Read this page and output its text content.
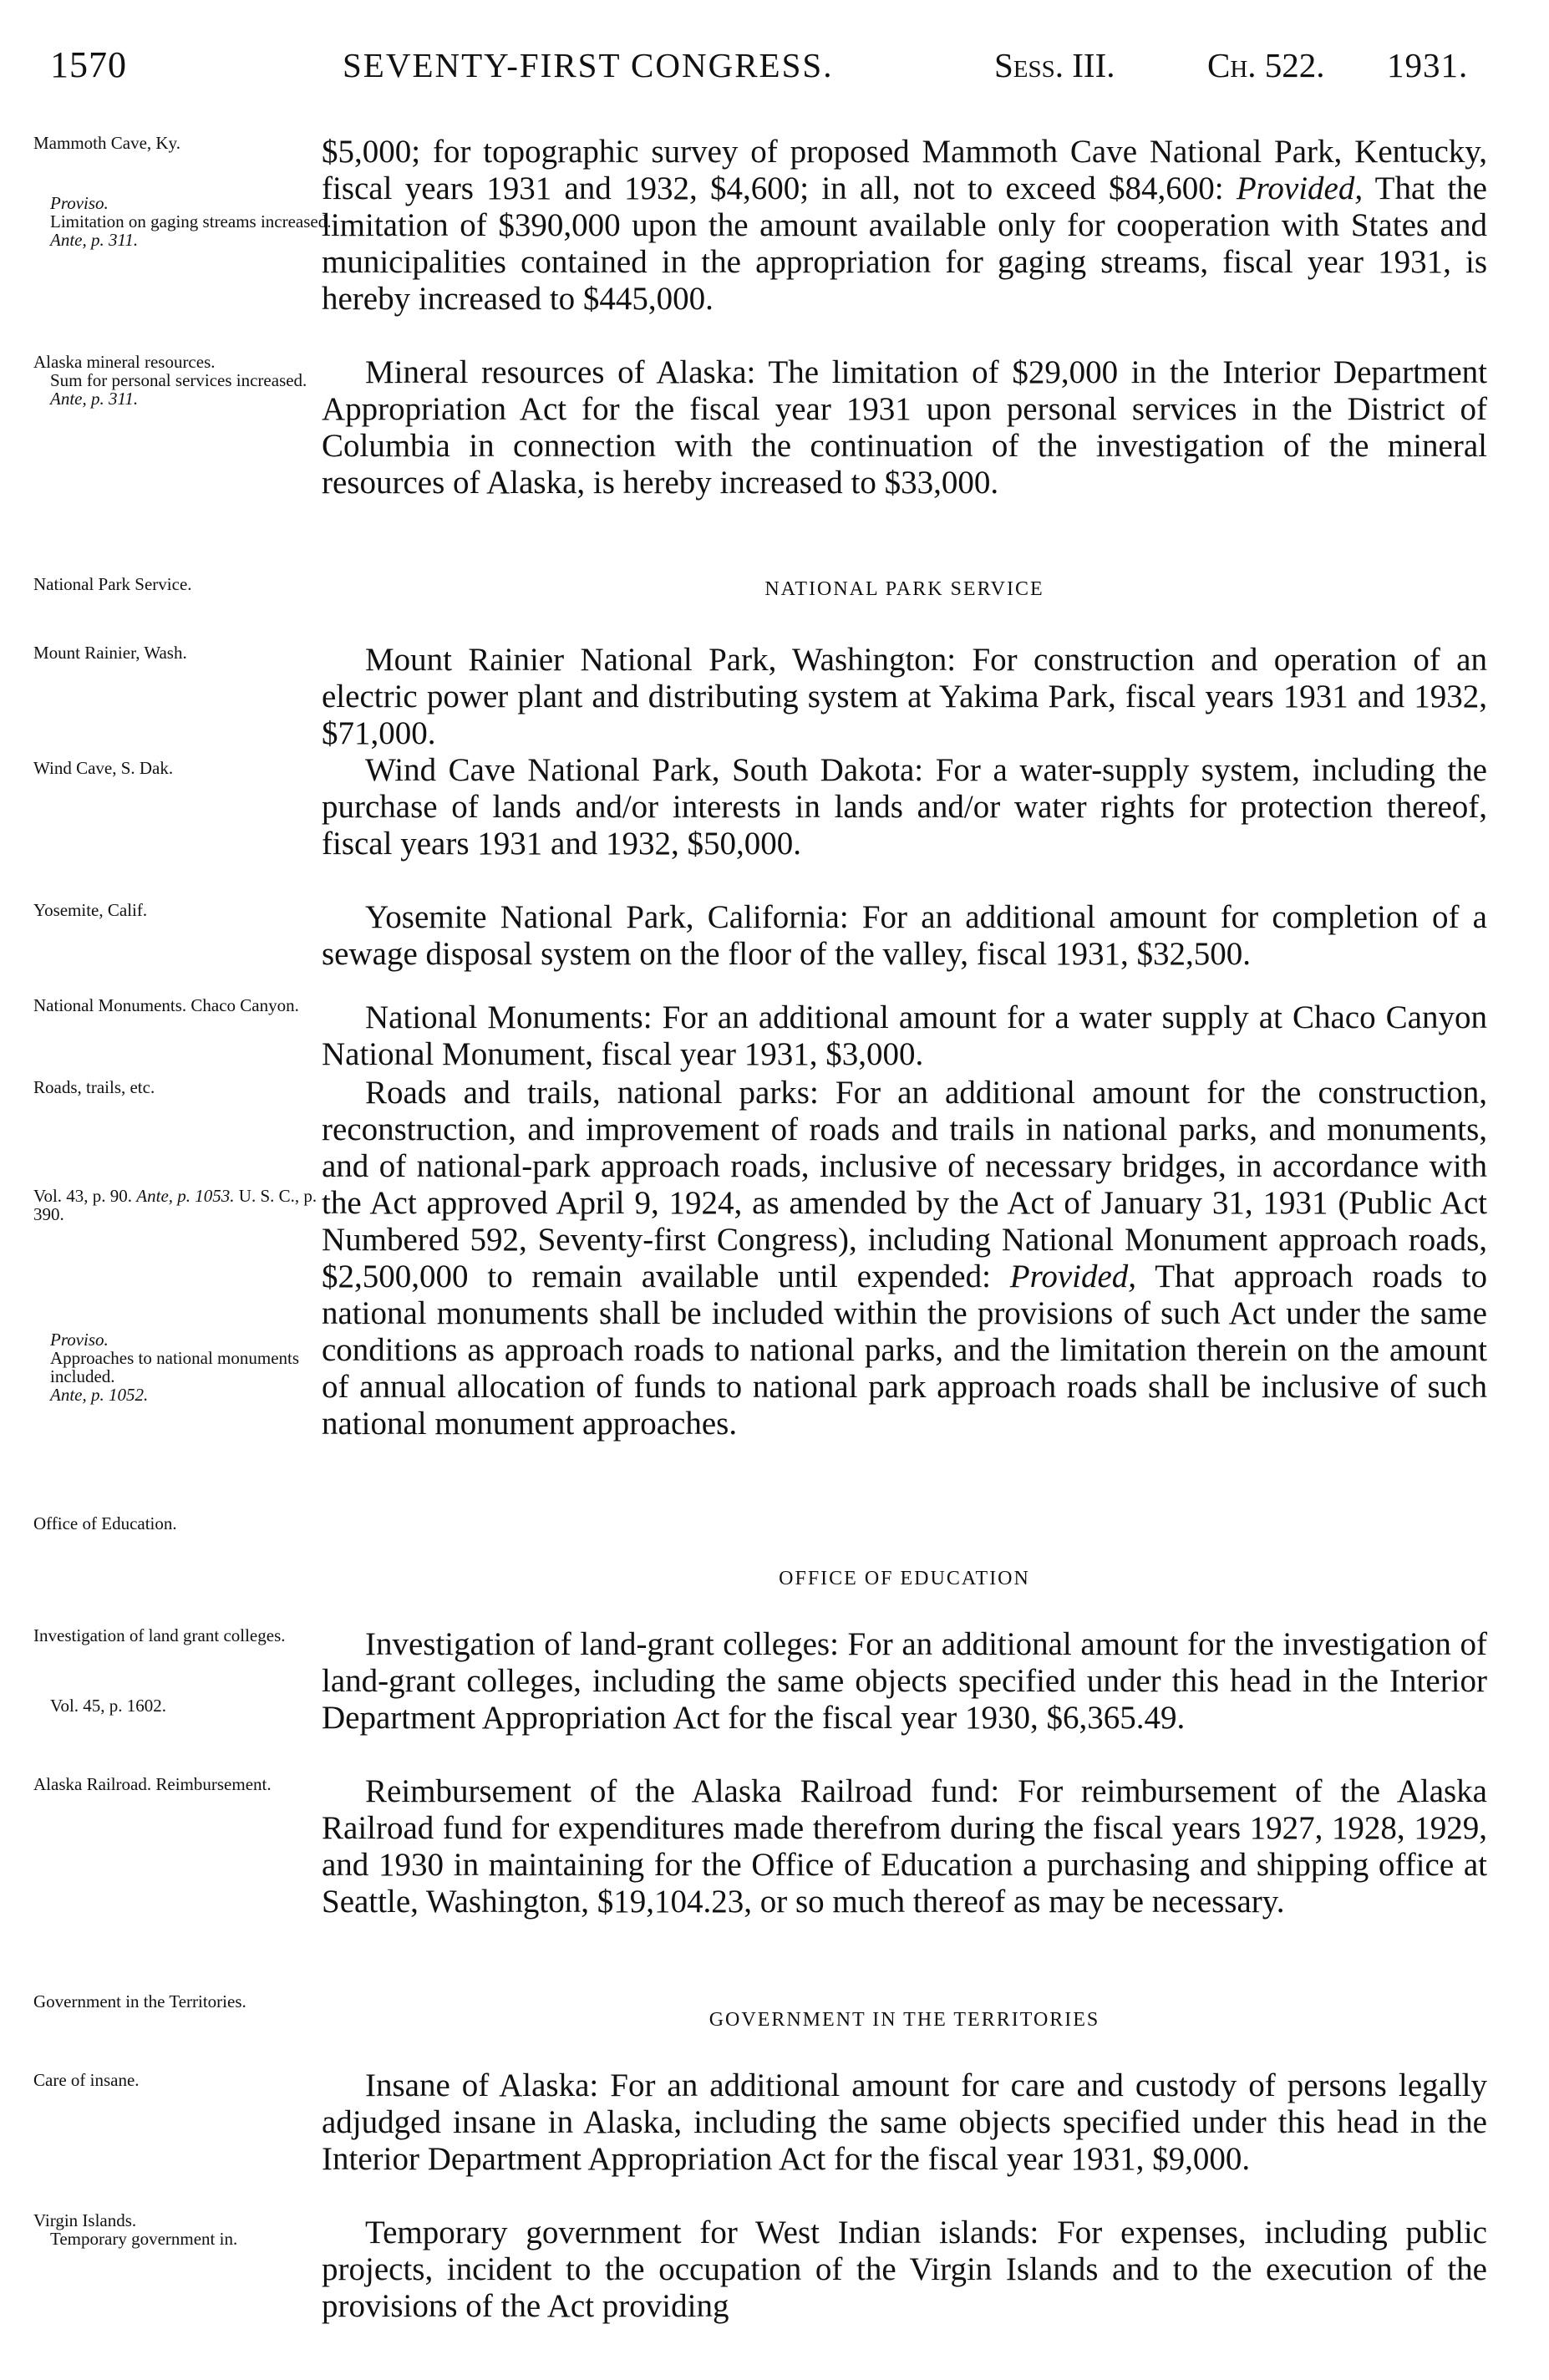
1570	SEVENTY-FIRST CONGRESS.	Sess. III.	Ch. 522. 1931.
Mammoth Cave, Ky.
Proviso.
Limitation on gaging streams increased.
Ante, p. 311.
Alaska mineral resources.
Sum for personal services increased.
Ante, p. 311.
National Park Service.
Mount Rainier, Wash.
Wind Cave, S. Dak.
Yosemite, Calif.
National Monuments. Chaco Canyon.
Roads, trails, etc.
Vol. 43, p. 90. Ante, p. 1053. U. S. C., p. 390.
Proviso.
Approaches to national monuments included.
Ante, p. 1052.
Office of Education.
Investigation of land grant colleges.
Vol. 45, p. 1602.
Alaska Railroad. Reimbursement.
Government in the Territories.
Care of insane.
Virgin Islands.
Temporary government in.

$5,000; for topographic survey of proposed Mammoth Cave National Park, Kentucky, fiscal years 1931 and 1932, $4,600; in all, not to exceed $84,600: Provided, That the limitation of $390,000 upon the amount available only for cooperation with States and municipalities contained in the appropriation for gaging streams, fiscal year 1931, is hereby increased to $445,000.

Mineral resources of Alaska: The limitation of $29,000 in the Interior Department Appropriation Act for the fiscal year 1931 upon personal services in the District of Columbia in connection with the continuation of the investigation of the mineral resources of Alaska, is hereby increased to $33,000.

NATIONAL PARK SERVICE

Mount Rainier National Park, Washington: For construction and operation of an electric power plant and distributing system at Yakima Park, fiscal years 1931 and 1932, $71,000.

Wind Cave National Park, South Dakota: For a water-supply system, including the purchase of lands and/or interests in lands and/or water rights for protection thereof, fiscal years 1931 and 1932, $50,000.

Yosemite National Park, California: For an additional amount for completion of a sewage disposal system on the floor of the valley, fiscal 1931, $32,500.

National Monuments: For an additional amount for a water supply at Chaco Canyon National Monument, fiscal year 1931, $3,000.

Roads and trails, national parks: For an additional amount for the construction, reconstruction, and improvement of roads and trails in national parks, and monuments, and of national-park approach roads, inclusive of necessary bridges, in accordance with the Act approved April 9, 1924, as amended by the Act of January 31, 1931 (Public Act Numbered 592, Seventy-first Congress), including National Monument approach roads, $2,500,000 to remain available until expended: Provided, That approach roads to national monuments shall be included within the provisions of such Act under the same conditions as approach roads to national parks, and the limitation therein on the amount of annual allocation of funds to national park approach roads shall be inclusive of such national monument approaches.

OFFICE OF EDUCATION

Investigation of land-grant colleges: For an additional amount for the investigation of land-grant colleges, including the same objects specified under this head in the Interior Department Appropriation Act for the fiscal year 1930, $6,365.49.

Reimbursement of the Alaska Railroad fund: For reimbursement of the Alaska Railroad fund for expenditures made therefrom during the fiscal years 1927, 1928, 1929, and 1930 in maintaining for the Office of Education a purchasing and shipping office at Seattle, Washington, $19,104.23, or so much thereof as may be necessary.

GOVERNMENT IN THE TERRITORIES

Insane of Alaska: For an additional amount for care and custody of persons legally adjudged insane in Alaska, including the same objects specified under this head in the Interior Department Appropriation Act for the fiscal year 1931, $9,000.

Temporary government for West Indian islands: For expenses, including public projects, incident to the occupation of the Virgin Islands and to the execution of the provisions of the Act providing
